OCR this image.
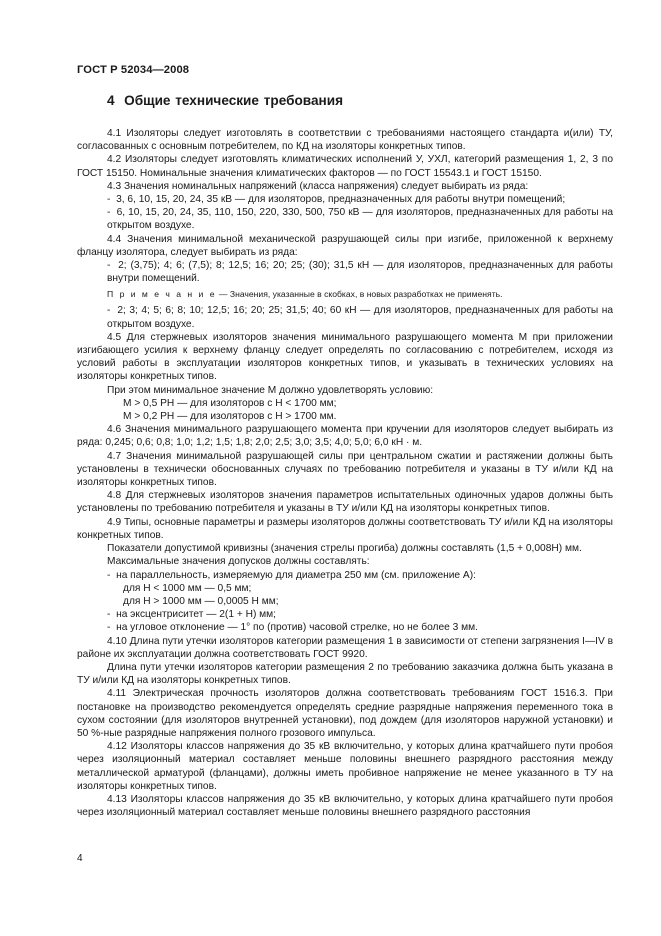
ГОСТ Р 52034—2008
4 Общие технические требования

4.1 Изоляторы следует изготовлять в соответствии с требованиями настоящего стандарта и(или) ТУ, согласованных с основным потребителем, по КД на изоляторы конкретных типов.

4.2 Изоляторы следует изготовлять климатических исполнений У, УХЛ, категорий размещения 1, 2, 3 по ГОСТ 15150. Номинальные значения климатических факторов — по ГОСТ 15543.1 и ГОСТ 15150.

4.3 Значения номинальных напряжений (класса напряжения) следует выбирать из ряда:

-  3, 6, 10, 15, 20, 24, 35 кВ — для изоляторов, предназначенных для работы внутри помещений;

-  6, 10, 15, 20, 24, 35, 110, 150, 220, 330, 500, 750 кВ — для изоляторов, предназначенных для работы на открытом воздухе.

4.4 Значения минимальной механической разрушающей силы при изгибе, приложенной к верхнему фланцу изолятора, следует выбирать из ряда:

-  2; (3,75); 4; 6; (7,5); 8; 12,5; 16; 20; 25; (30); 31,5 кН — для изоляторов, предназначенных для работы внутри помещений.

П р и м е ч а н и е — Значения, указанные в скобках, в новых разработках не применять.

-  2; 3; 4; 5; 6; 8; 10; 12,5; 16; 20; 25; 31,5; 40; 60 кН — для изоляторов, предназначенных для работы на открытом воздухе.

4.5 Для стержневых изоляторов значения минимального разрушающего момента М при приложении изгибающего усилия к верхнему фланцу следует определять по согласованию с потребителем, исходя из условий работы в эксплуатации изоляторов конкретных типов, и указывать в технических условиях на изоляторы конкретных типов.

При этом минимальное значение М должно удовлетворять условию:

М > 0,5 РН — для изоляторов с Н < 1700 мм;

М > 0,2 РН — для изоляторов с Н > 1700 мм.

4.6 Значения минимального разрушающего момента при кручении для изоляторов следует выбирать из ряда: 0,245; 0,6; 0,8; 1,0; 1,2; 1,5; 1,8; 2,0; 2,5; 3,0; 3,5; 4,0; 5,0; 6,0 кН · м.

4.7 Значения минимальной разрушающей силы при центральном сжатии и растяжении должны быть установлены в технически обоснованных случаях по требованию потребителя и указаны в ТУ и/или КД на изоляторы конкретных типов.

4.8 Для стержневых изоляторов значения параметров испытательных одиночных ударов должны быть установлены по требованию потребителя и указаны в ТУ и/или КД на изоляторы конкретных типов.

4.9 Типы, основные параметры и размеры изоляторов должны соответствовать ТУ и/или КД на изоляторы конкретных типов.

Показатели допустимой кривизны (значения стрелы прогиба) должны составлять (1,5 + 0,008Н) мм.

Максимальные значения допусков должны составлять:

-  на параллельность, измеряемую для диаметра 250 мм (см. приложение А):

для Н < 1000 мм — 0,5 мм;

для Н > 1000 мм — 0,0005 Н мм;

-  на эксцентриситет — 2(1 + Н) мм;

-  на угловое отклонение — 1° по (против) часовой стрелке, но не более 3 мм.

4.10 Длина пути утечки изоляторов категории размещения 1 в зависимости от степени загрязнения I—IV в районе их эксплуатации должна соответствовать ГОСТ 9920.

Длина пути утечки изоляторов категории размещения 2 по требованию заказчика должна быть указана в ТУ и/или КД на изоляторы конкретных типов.

4.11 Электрическая прочность изоляторов должна соответствовать требованиям ГОСТ 1516.3. При постановке на производство рекомендуется определять средние разрядные напряжения переменного тока в сухом состоянии (для изоляторов внутренней установки), под дождем (для изоляторов наружной установки) и 50 %-ные разрядные напряжения полного грозового импульса.

4.12 Изоляторы классов напряжения до 35 кВ включительно, у которых длина кратчайшего пути пробоя через изоляционный материал составляет меньше половины внешнего разрядного расстояния между металлической арматурой (фланцами), должны иметь пробивное напряжение не менее указанного в ТУ на изоляторы конкретных типов.

4.13 Изоляторы классов напряжения до 35 кВ включительно, у которых длина кратчайшего пути пробоя через изоляционный материал составляет меньше половины внешнего разрядного расстояния

4
